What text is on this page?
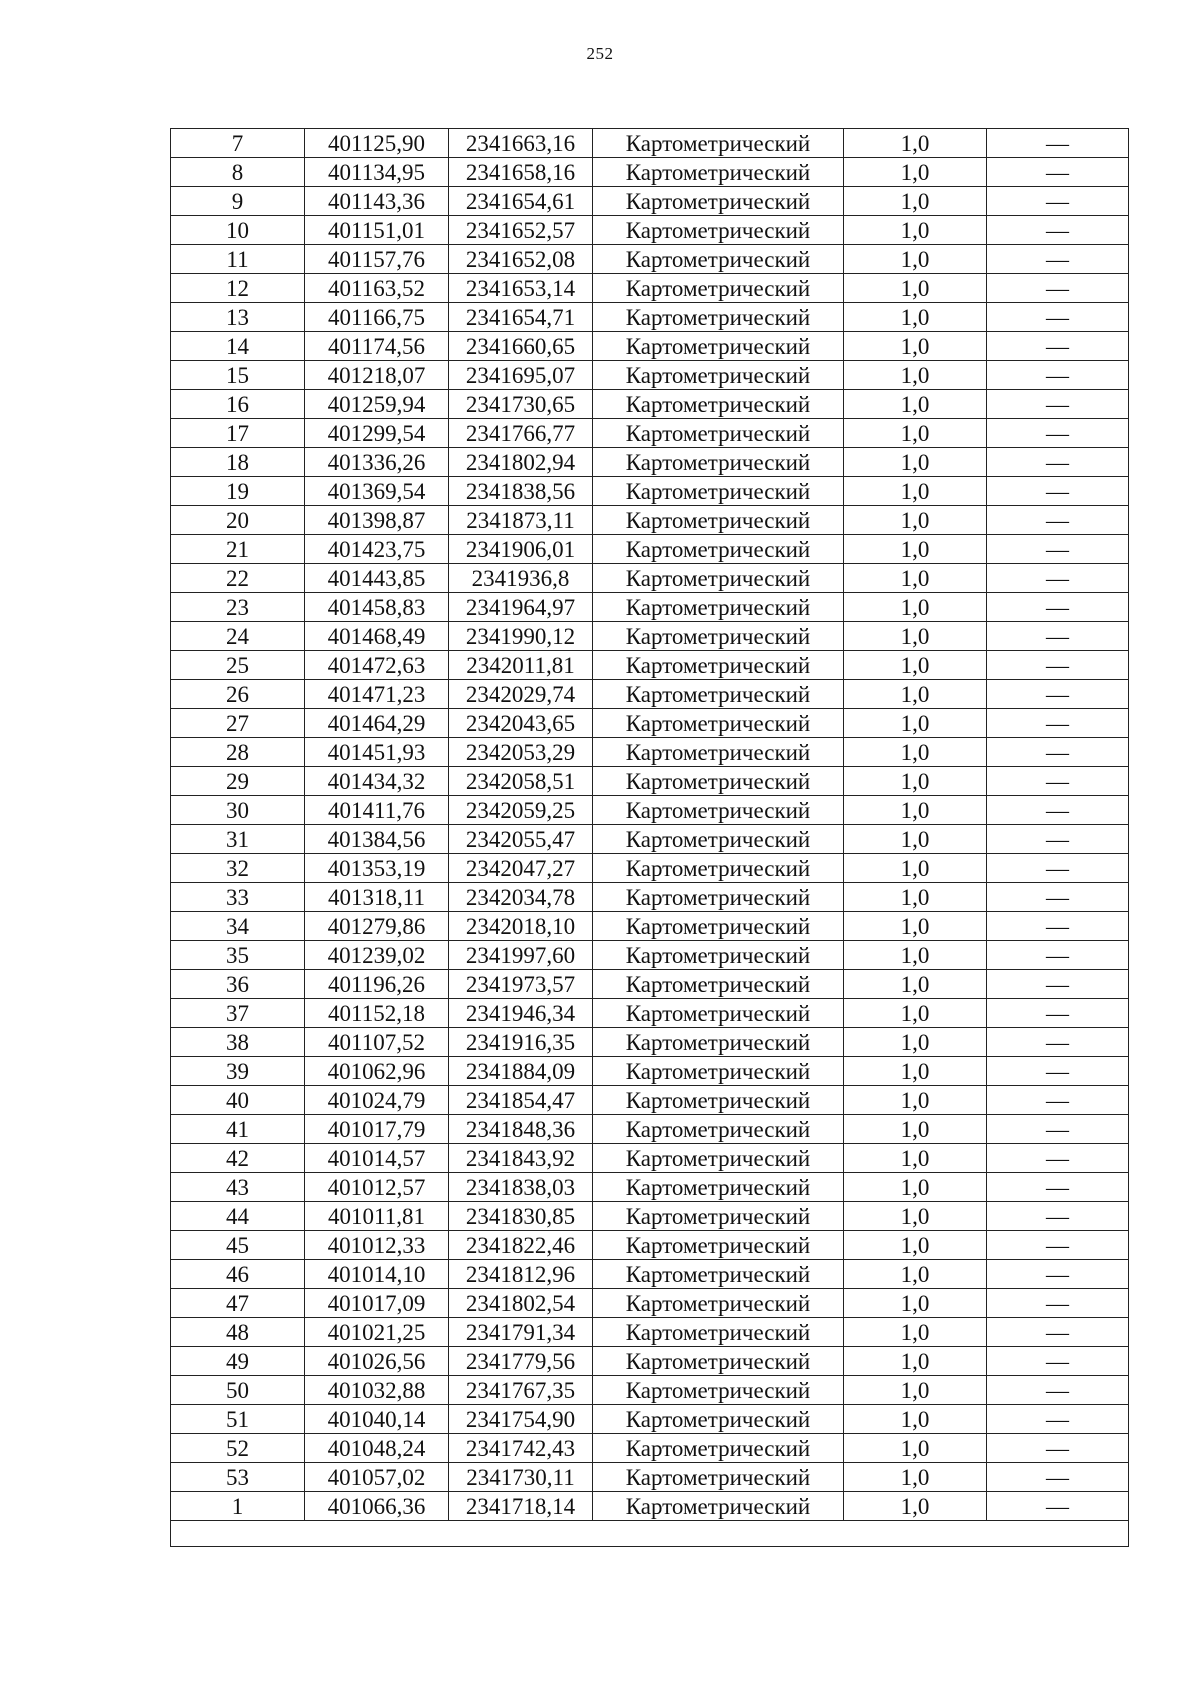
252
7	401125,90	2341663,16	Картометрический	1,0	—
8	401134,95	2341658,16	Картометрический	1,0	—
9	401143,36	2341654,61	Картометрический	1,0	—
10	401151,01	2341652,57	Картометрический	1,0	—
11	401157,76	2341652,08	Картометрический	1,0	—
12	401163,52	2341653,14	Картометрический	1,0	—
13	401166,75	2341654,71	Картометрический	1,0	—
14	401174,56	2341660,65	Картометрический	1,0	—
15	401218,07	2341695,07	Картометрический	1,0	—
16	401259,94	2341730,65	Картометрический	1,0	—
17	401299,54	2341766,77	Картометрический	1,0	—
18	401336,26	2341802,94	Картометрический	1,0	—
19	401369,54	2341838,56	Картометрический	1,0	—
20	401398,87	2341873,11	Картометрический	1,0	—
21	401423,75	2341906,01	Картометрический	1,0	—
22	401443,85	2341936,8	Картометрический	1,0	—
23	401458,83	2341964,97	Картометрический	1,0	—
24	401468,49	2341990,12	Картометрический	1,0	—
25	401472,63	2342011,81	Картометрический	1,0	—
26	401471,23	2342029,74	Картометрический	1,0	—
27	401464,29	2342043,65	Картометрический	1,0	—
28	401451,93	2342053,29	Картометрический	1,0	—
29	401434,32	2342058,51	Картометрический	1,0	—
30	401411,76	2342059,25	Картометрический	1,0	—
31	401384,56	2342055,47	Картометрический	1,0	—
32	401353,19	2342047,27	Картометрический	1,0	—
33	401318,11	2342034,78	Картометрический	1,0	—
34	401279,86	2342018,10	Картометрический	1,0	—
35	401239,02	2341997,60	Картометрический	1,0	—
36	401196,26	2341973,57	Картометрический	1,0	—
37	401152,18	2341946,34	Картометрический	1,0	—
38	401107,52	2341916,35	Картометрический	1,0	—
39	401062,96	2341884,09	Картометрический	1,0	—
40	401024,79	2341854,47	Картометрический	1,0	—
41	401017,79	2341848,36	Картометрический	1,0	—
42	401014,57	2341843,92	Картометрический	1,0	—
43	401012,57	2341838,03	Картометрический	1,0	—
44	401011,81	2341830,85	Картометрический	1,0	—
45	401012,33	2341822,46	Картометрический	1,0	—
46	401014,10	2341812,96	Картометрический	1,0	—
47	401017,09	2341802,54	Картометрический	1,0	—
48	401021,25	2341791,34	Картометрический	1,0	—
49	401026,56	2341779,56	Картометрический	1,0	—
50	401032,88	2341767,35	Картометрический	1,0	—
51	401040,14	2341754,90	Картометрический	1,0	—
52	401048,24	2341742,43	Картометрический	1,0	—
53	401057,02	2341730,11	Картометрический	1,0	—
1	401066,36	2341718,14	Картометрический	1,0	—
